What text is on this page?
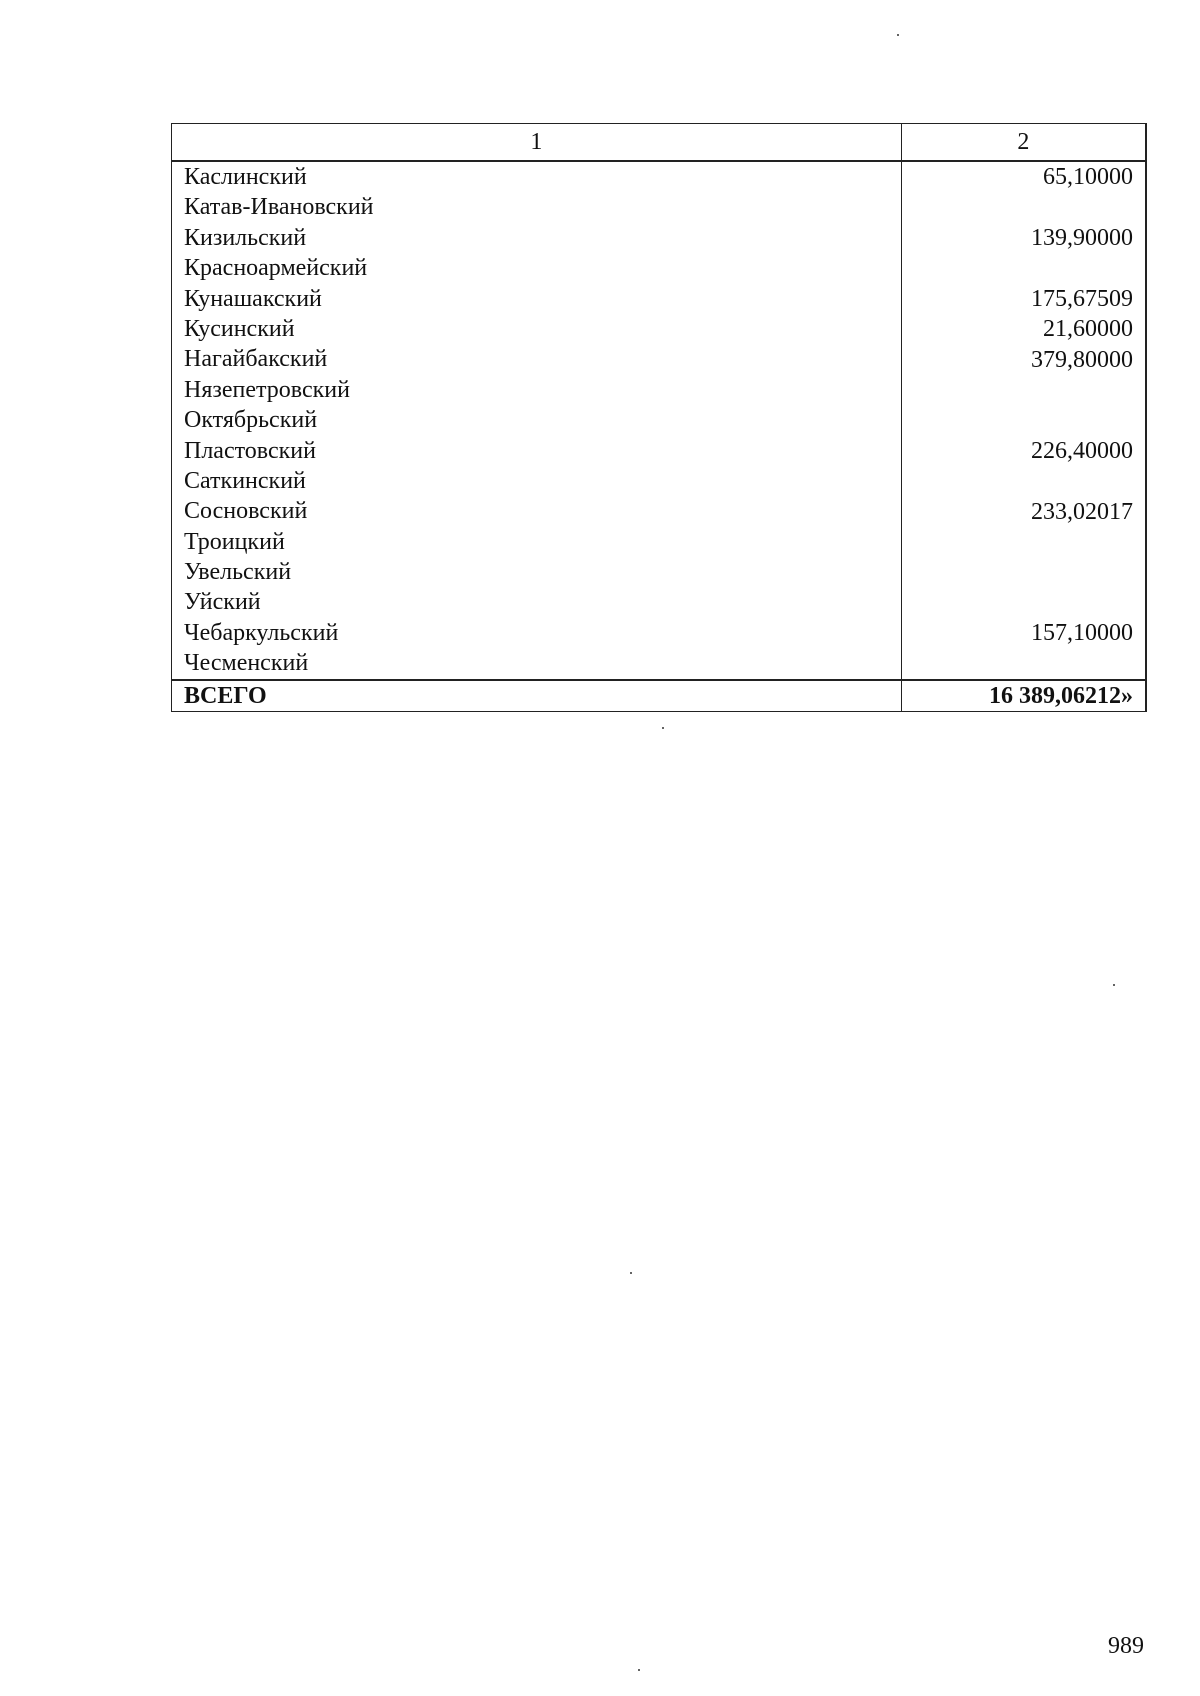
1	2
Каслинский	65,10000
Катав-Ивановский	
Кизильский	139,90000
Красноармейский	
Кунашакский	175,67509
Кусинский	21,60000
Нагайбакский	379,80000
Нязепетровский	
Октябрьский	
Пластовский	226,40000
Саткинский	
Сосновский	233,02017
Троицкий	
Увельский	
Уйский	
Чебаркульский	157,10000
Чесменский	
ВСЕГО	16 389,06212»
989
